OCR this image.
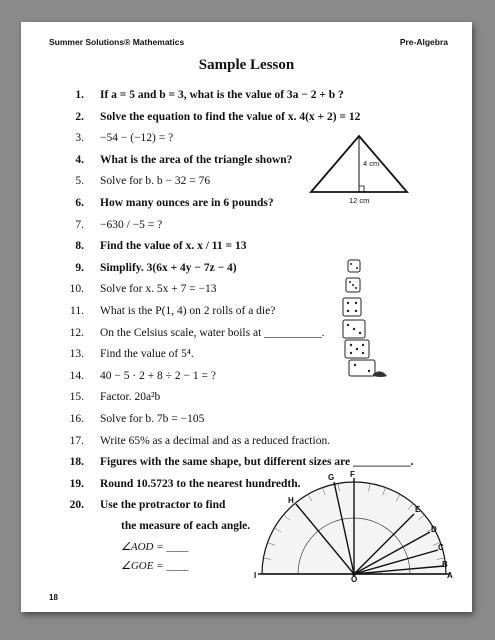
Summer Solutions® Mathematics	Pre-Algebra
Sample Lesson
1. If a = 5 and b = 3, what is the value of 3a − 2 + b ?
2. Solve the equation to find the value of x. 4(x + 2) = 12
3. −54 − (−12) = ?
4. What is the area of the triangle shown?
5. Solve for b. b − 32 = 76
6. How many ounces are in 6 pounds?
7. −630 / −5 = ?
8. Find the value of x. x / 11 = 13
9. Simplify. 3(6x + 4y − 7z − 4)
10. Solve for x. 5x + 7 = −13
11. What is the P(1, 4) on 2 rolls of a die?
12. On the Celsius scale, water boils at __________.
13. Find the value of 5⁴.
14. 40 − 5 · 2 + 8 ÷ 2 − 1 = ?
15. Factor. 20a²b
16. Solve for b. 7b = −105
17. Write 65% as a decimal and as a reduced fraction.
18. Figures with the same shape, but different sizes are __________.
19. Round 10.5723 to the nearest hundredth.
20. Use the protractor to find
the measure of each angle.
∠AOD = ____
∠GOE = ____
4 cm
12 cm
A
B
C
D
E
F
G
H
I	O
18
